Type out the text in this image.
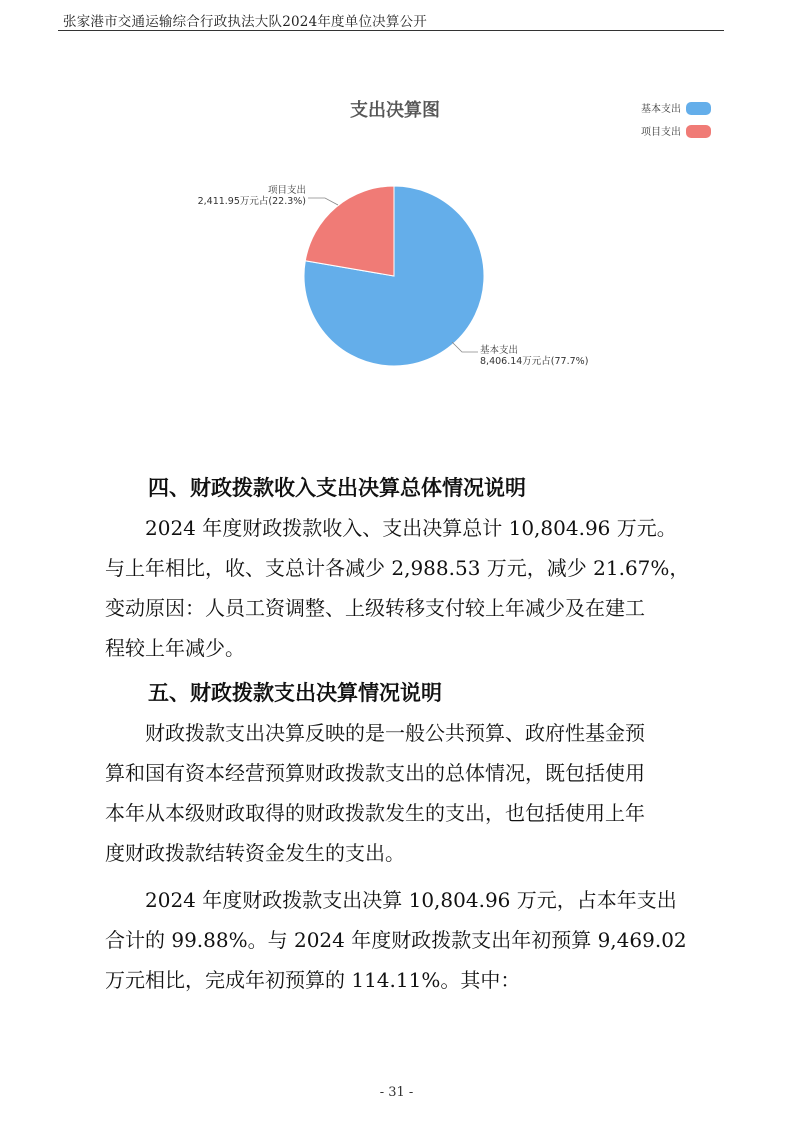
张家港市交通运输综合行政执法大队2024年度单位决算公开
支出决算图	基本支出
项目支出
基本支出
8,406.14万元占(77.7%)
项目支出
2,411.95万元占(22.3%)
四、财政拨款收入支出决算总体情况说明
　　2024 年度财政拨款收入、支出决算总计 10,804.96 万元。
与上年相比，收、支总计各减少 2,988.53 万元，减少 21.67%，
变动原因：人员工资调整、上级转移支付较上年减少及在建工
程较上年减少。
五、财政拨款支出决算情况说明
　　财政拨款支出决算反映的是一般公共预算、政府性基金预
算和国有资本经营预算财政拨款支出的总体情况，既包括使用
本年从本级财政取得的财政拨款发生的支出，也包括使用上年
度财政拨款结转资金发生的支出。
　　2024 年度财政拨款支出决算 10,804.96 万元，占本年支出
合计的 99.88%。与 2024 年度财政拨款支出年初预算 9,469.02
万元相比，完成年初预算的 114.11%。其中：
- 31 -
